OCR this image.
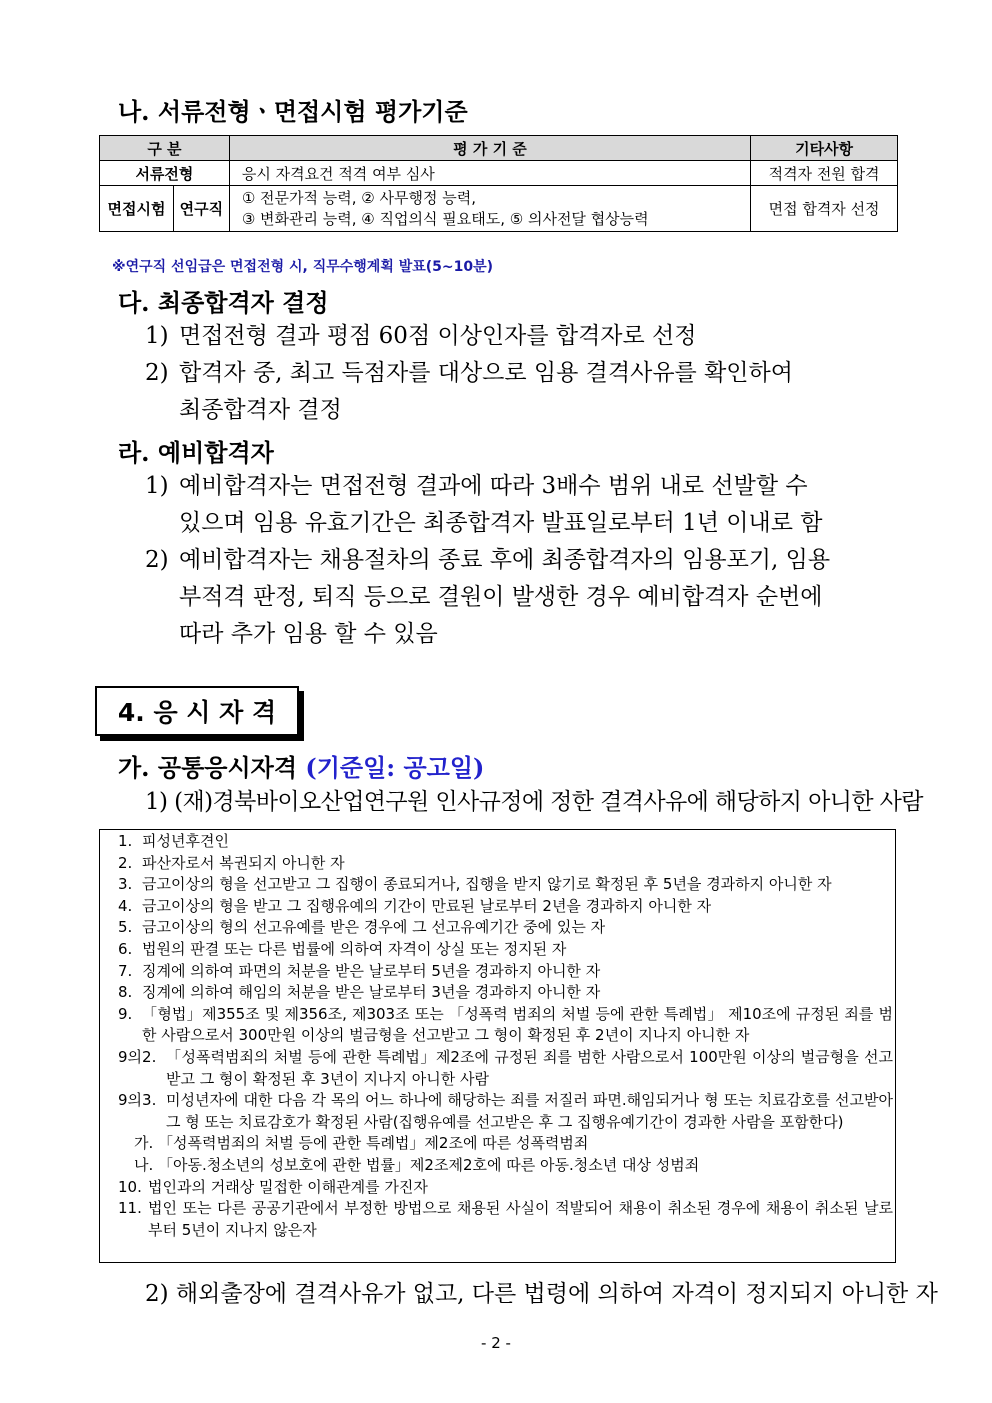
나. 서류전형ㆍ면접시험 평가기준
구 분		평 가 기 준	기타사항
서류전형		응시 자격요건 적격 여부 심사	적격자 전원 합격
면접시험	연구직	① 전문가적 능력, ② 사무행정 능력,
③ 변화관리 능력, ④ 직업의식 필요태도, ⑤ 의사전달 협상능력	면접 합격자 선정
※연구직 선임급은 면접전형 시, 직무수행계획 발표(5~10분)
다. 최종합격자 결정
1) 면접전형 결과 평점 60점 이상인자를 합격자로 선정
2) 합격자 중, 최고 득점자를 대상으로 임용 결격사유를 확인하여
최종합격자 결정
라. 예비합격자
1) 예비합격자는 면접전형 결과에 따라 3배수 범위 내로 선발할 수
있으며 임용 유효기간은 최종합격자 발표일로부터 1년 이내로 함
2) 예비합격자는 채용절차의 종료 후에 최종합격자의 임용포기, 임용
부적격 판정, 퇴직 등으로 결원이 발생한 경우 예비합격자 순번에
따라 추가 임용 할 수 있음
4. 응 시 자 격
가. 공통응시자격 (기준일: 공고일)
1) (재)경북바이오산업연구원 인사규정에 정한 결격사유에 해당하지 아니한 사람
1. 피성년후견인
2. 파산자로서 복권되지 아니한 자
3. 금고이상의 형을 선고받고 그 집행이 종료되거나, 집행을 받지 않기로 확정된 후 5년을 경과하지 아니한 자
4. 금고이상의 형을 받고 그 집행유예의 기간이 만료된 날로부터 2년을 경과하지 아니한 자
5. 금고이상의 형의 선고유예를 받은 경우에 그 선고유예기간 중에 있는 자
6. 법원의 판결 또는 다른 법률에 의하여 자격이 상실 또는 정지된 자
7. 징계에 의하여 파면의 처분을 받은 날로부터 5년을 경과하지 아니한 자
8. 징계에 의하여 해임의 처분을 받은 날로부터 3년을 경과하지 아니한 자
9. 「형법」제355조 및 제356조, 제303조 또는 「성폭력 범죄의 처벌 등에 관한 특례법」 제10조에 규정된 죄를 범한 사람으로서 300만원 이상의 벌금형을 선고받고 그 형이 확정된 후 2년이 지나지 아니한 자
9의2. 「성폭력범죄의 처벌 등에 관한 특례법」제2조에 규정된 죄를 범한 사람으로서 100만원 이상의 벌금형을 선고받고 그 형이 확정된 후 3년이 지나지 아니한 사람
9의3. 미성년자에 대한 다음 각 목의 어느 하나에 해당하는 죄를 저질러 파면.해임되거나 형 또는 치료감호를 선고받아 그 형 또는 치료감호가 확정된 사람(집행유예를 선고받은 후 그 집행유예기간이 경과한 사람을 포함한다)
가. 「성폭력범죄의 처벌 등에 관한 특례법」제2조에 따른 성폭력범죄
나. 「아동.청소년의 성보호에 관한 법률」제2조제2호에 따른 아동.청소년 대상 성범죄
10. 법인과의 거래상 밀접한 이해관계를 가진자
11. 법인 또는 다른 공공기관에서 부정한 방법으로 채용된 사실이 적발되어 채용이 취소된 경우에 채용이 취소된 날로부터 5년이 지나지 않은자
2) 해외출장에 결격사유가 없고, 다른 법령에 의하여 자격이 정지되지 아니한 자
- 2 -
